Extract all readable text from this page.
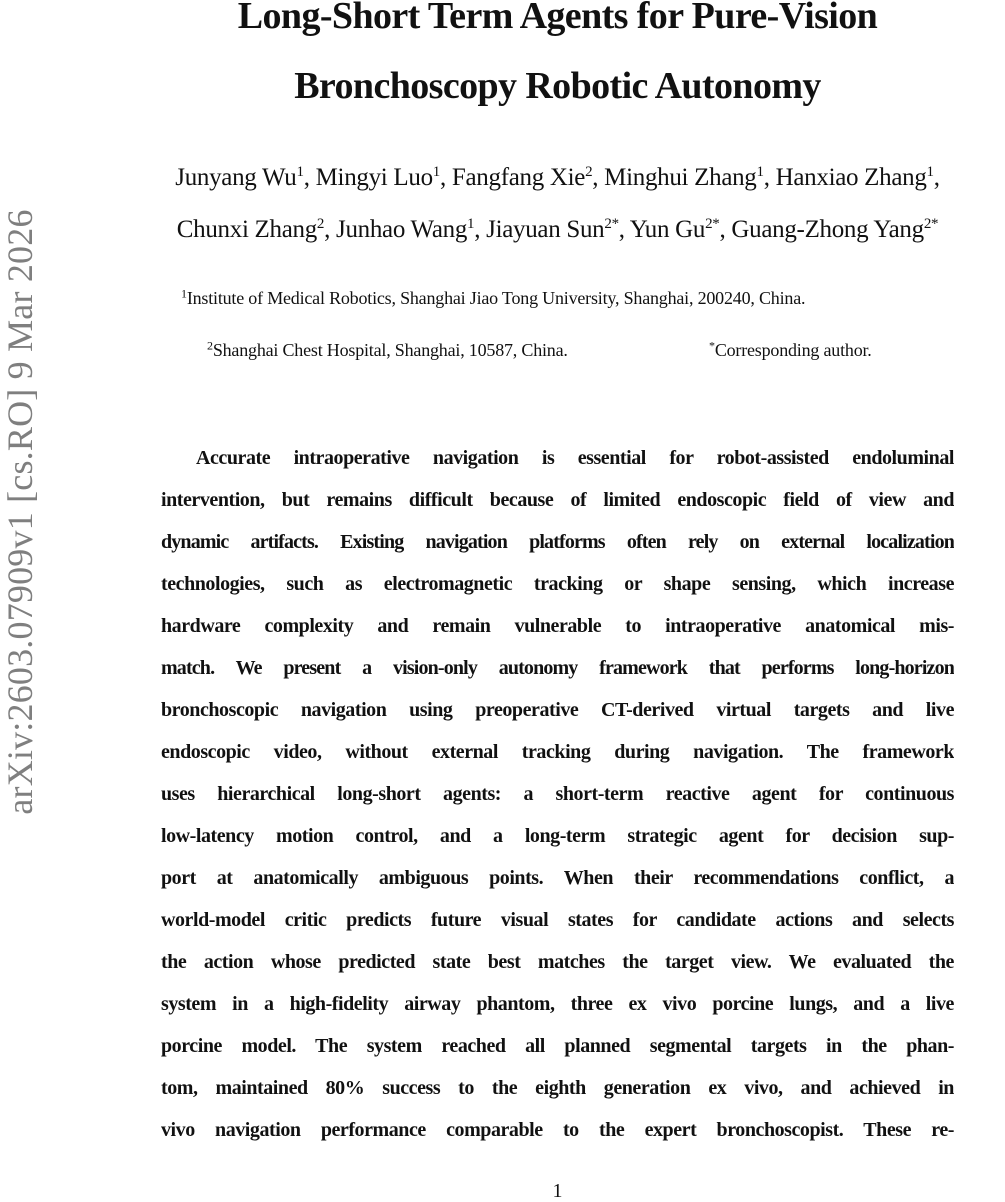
arXiv:2603.07909v1 [cs.RO] 9 Mar 2026
Long-Short Term Agents for Pure-Vision
Bronchoscopy Robotic Autonomy
Junyang Wu$^1$, Mingyi Luo$^1$, Fangfang Xie$^2$, Minghui Zhang$^1$, Hanxiao Zhang$^1$,
Chunxi Zhang$^2$, Junhao Wang$^1$, Jiayuan Sun$^{2*}$, Yun $Gu^{2*}$, Guang-Zhong Yang$^{2*}$
$^1$Institute of Medical Robotics, Shanghai Jiao Tong University, Shanghai, 200240, China.
$^2$Shanghai Chest Hospital, Shanghai, 10587, China.	*Corresponding author.
Accurate intraoperative navigation is essential for robot-assisted endoluminal
intervention, but remains difficult because of limited endoscopic field of view and
dynamic artifacts. Existing navigation platforms often rely on external localization
technologies, such as electromagnetic tracking or shape sensing, which increase
hardware complexity and remain vulnerable to intraoperative anatomical mis-
match. We present a vision-only autonomy framework that performs long-horizon
bronchoscopic navigation using preoperative CT-derived virtual targets and live
endoscopic video, without external tracking during navigation. The framework
uses hierarchical long-short agents: a short-term reactive agent for continuous
low-latency motion control, and a long-term strategic agent for decision sup-
port at anatomically ambiguous points. When their recommendations conflict, a
world-model critic predicts future visual states for candidate actions and selects
the action whose predicted state best matches the target view. We evaluated the
system in a high-fidelity airway phantom, three ex vivo porcine lungs, and a live
porcine model. The system reached all planned segmental targets in the phan-
tom, maintained 80% success to the eighth generation ex vivo, and achieved in
vivo navigation performance comparable to the expert bronchoscopist. These re-
1
